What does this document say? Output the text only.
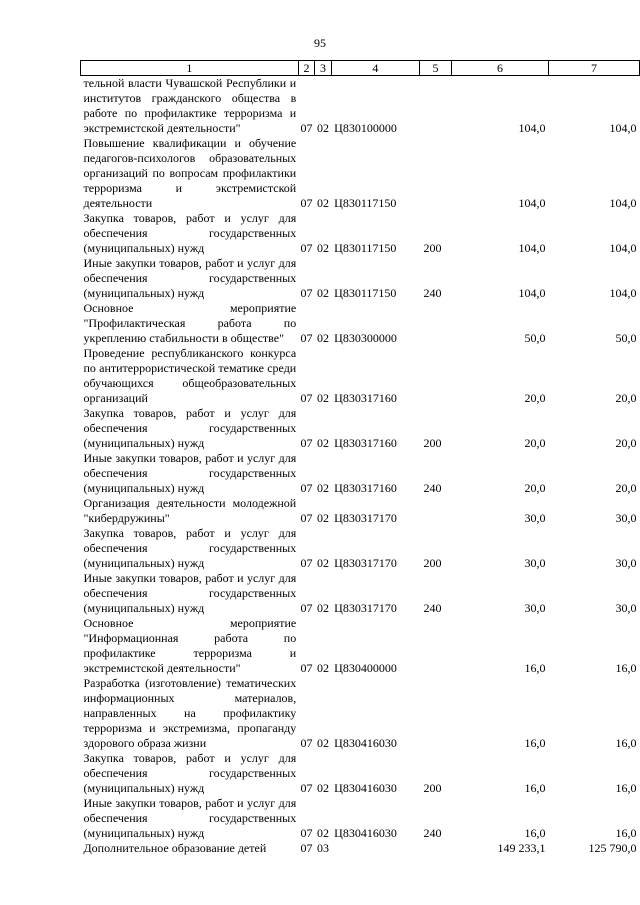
95
1	2	3	4	5	6	7
тельной власти Чувашской Республики и институтов гражданского общества в работе по профилактике терроризма и экстремистской деятельности"	07	02	Ц830100000		104,0	104,0
Повышение квалификации и обучение педагогов-психологов образовательных организаций по вопросам профилактики терроризма и экстремистской деятельности	07	02	Ц830117150		104,0	104,0
Закупка товаров, работ и услуг для обеспечения государственных (муниципальных) нужд	07	02	Ц830117150	200	104,0	104,0
Иные закупки товаров, работ и услуг для обеспечения государственных (муниципальных) нужд	07	02	Ц830117150	240	104,0	104,0
Основное мероприятие "Профилактическая работа по укреплению стабильности в обществе"	07	02	Ц830300000		50,0	50,0
Проведение республиканского конкурса по антитеррористической тематике среди обучающихся общеобразовательных организаций	07	02	Ц830317160		20,0	20,0
Закупка товаров, работ и услуг для обеспечения государственных (муниципальных) нужд	07	02	Ц830317160	200	20,0	20,0
Иные закупки товаров, работ и услуг для обеспечения государственных (муниципальных) нужд	07	02	Ц830317160	240	20,0	20,0
Организация деятельности молодежной "кибердружины"	07	02	Ц830317170		30,0	30,0
Закупка товаров, работ и услуг для обеспечения государственных (муниципальных) нужд	07	02	Ц830317170	200	30,0	30,0
Иные закупки товаров, работ и услуг для обеспечения государственных (муниципальных) нужд	07	02	Ц830317170	240	30,0	30,0
Основное мероприятие "Информационная работа по профилактике терроризма и экстремистской деятельности"	07	02	Ц830400000		16,0	16,0
Разработка (изготовление) тематических информационных материалов, направленных на профилактику терроризма и экстремизма, пропаганду здорового образа жизни	07	02	Ц830416030		16,0	16,0
Закупка товаров, работ и услуг для обеспечения государственных (муниципальных) нужд	07	02	Ц830416030	200	16,0	16,0
Иные закупки товаров, работ и услуг для обеспечения государственных (муниципальных) нужд	07	02	Ц830416030	240	16,0	16,0
Дополнительное образование детей	07	03			149 233,1	125 790,0
